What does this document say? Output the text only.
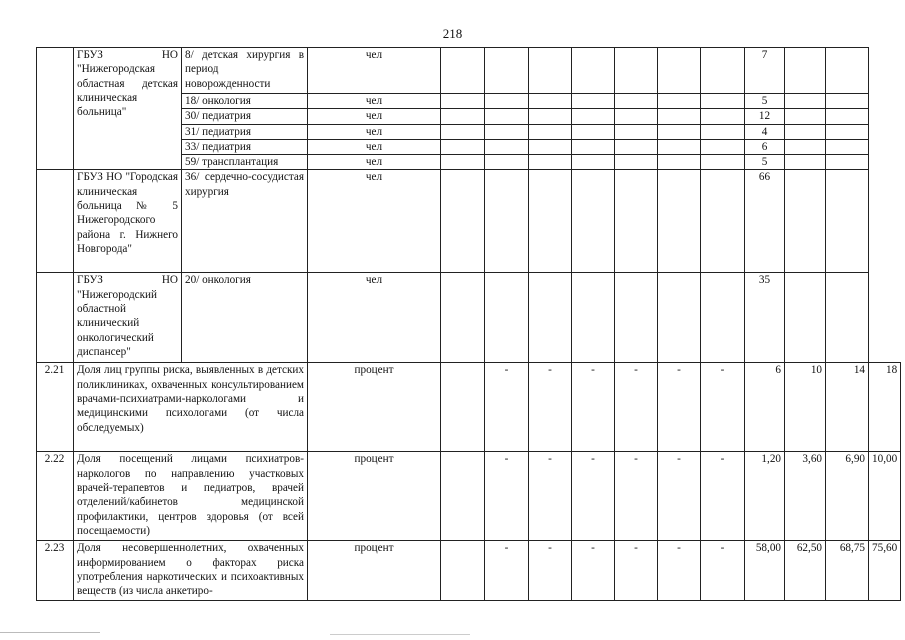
218
	ГБУЗ НО "Нижегородская областная детская клиническая больница"	8/ детская хирургия в период новорожденности	чел								7			
		18/ онкология	чел								5			
		30/ педиатрия	чел								12			
		31/ педиатрия	чел								4			
		33/ педиатрия	чел								6			
		59/ трансплантация	чел								5			
	ГБУЗ НО "Городская клиническая больница № 5 Нижегородского района г. Нижнего Новгорода"	36/ сердечно-сосудистая хирургия	чел								66			
	ГБУЗ НО "Нижегородский областной клинический онкологический диспансер"	20/ онкология	чел								35			
2.21	Доля лиц группы риска, выявленных в детских поликлиниках, охваченных консультированием врачами-психиатрами-наркологами и медицинскими психологами (от числа обследуемых)		процент		-	-	-	-	-	-	6	10	14	18
2.22	Доля посещений лицами психиатров-наркологов по направлению участковых врачей-терапевтов и педиатров, врачей отделений/кабинетов медицинской профилактики, центров здоровья (от всей посещаемости)		процент		-	-	-	-	-	-	1,20	3,60	6,90	10,00
2.23	Доля несовершеннолетних, охваченных информированием о факторах риска употребления наркотических и психоактивных веществ (из числа анкетиро-		процент		-	-	-	-	-	-	58,00	62,50	68,75	75,60
